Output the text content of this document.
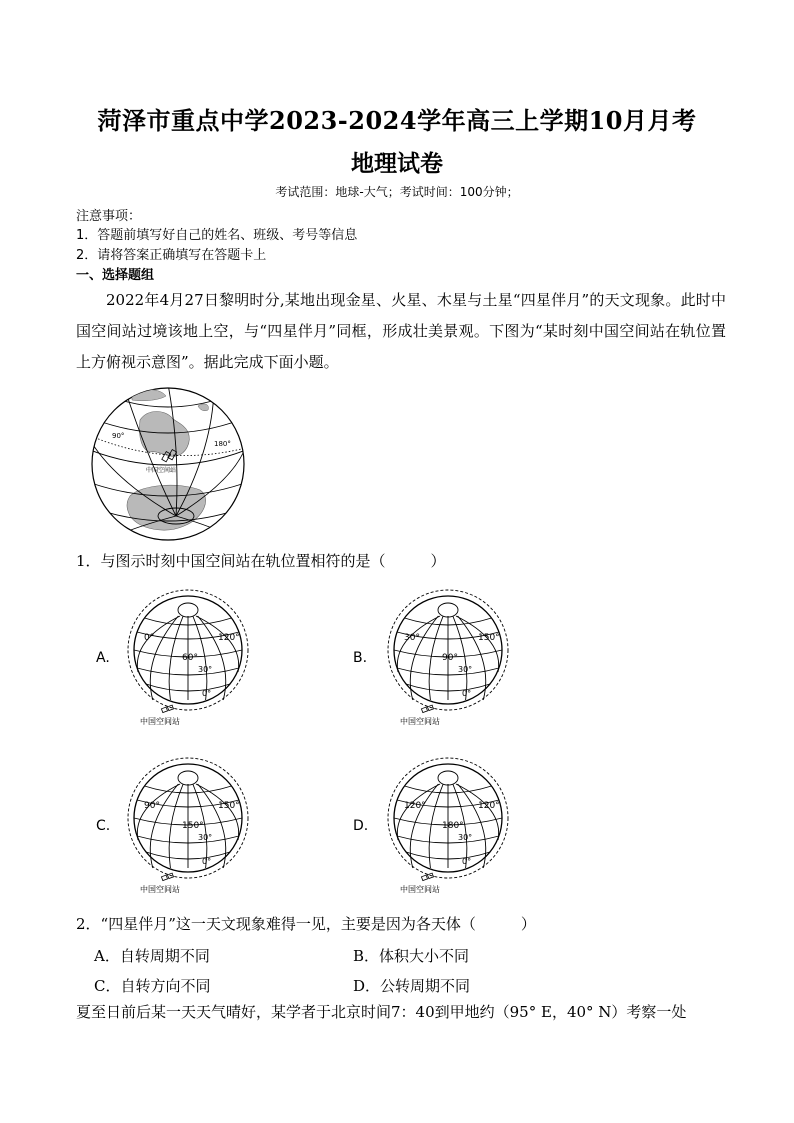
菏泽市重点中学2023-2024学年高三上学期10月月考
地理试卷
考试范围：地球-大气；考试时间：100分钟；
注意事项：
1．答题前填写好自己的姓名、班级、考号等信息
2．请将答案正确填写在答题卡上
一、选择题组
2022年4月27日黎明时分,某地出现金星、火星、木星与土星“四星伴月”的天文现象。此时中国空间站过境该地上空，与“四星伴月”同框，形成壮美景观。下图为“某时刻中国空间站在轨位置上方俯视示意图”。据此完成下面小题。
90°
180°
中国空间站
1．与图示时刻中国空间站在轨位置相符的是（　　　）
A.
0°	120°
60°
30°
0°
中国空间站
B.
30°	150°
90°
30°
0°
中国空间站
C.
90°	150°
150°
30°
0°
中国空间站
D.
120°	120°
180°
30°
0°
中国空间站
2．“四星伴月”这一天文现象难得一见，主要是因为各天体（　　　）
A．自转周期不同	B．体积大小不同
C．自转方向不同	D．公转周期不同
夏至日前后某一天天气晴好，某学者于北京时间7：40到甲地约（95° E，40° N）考察一处
